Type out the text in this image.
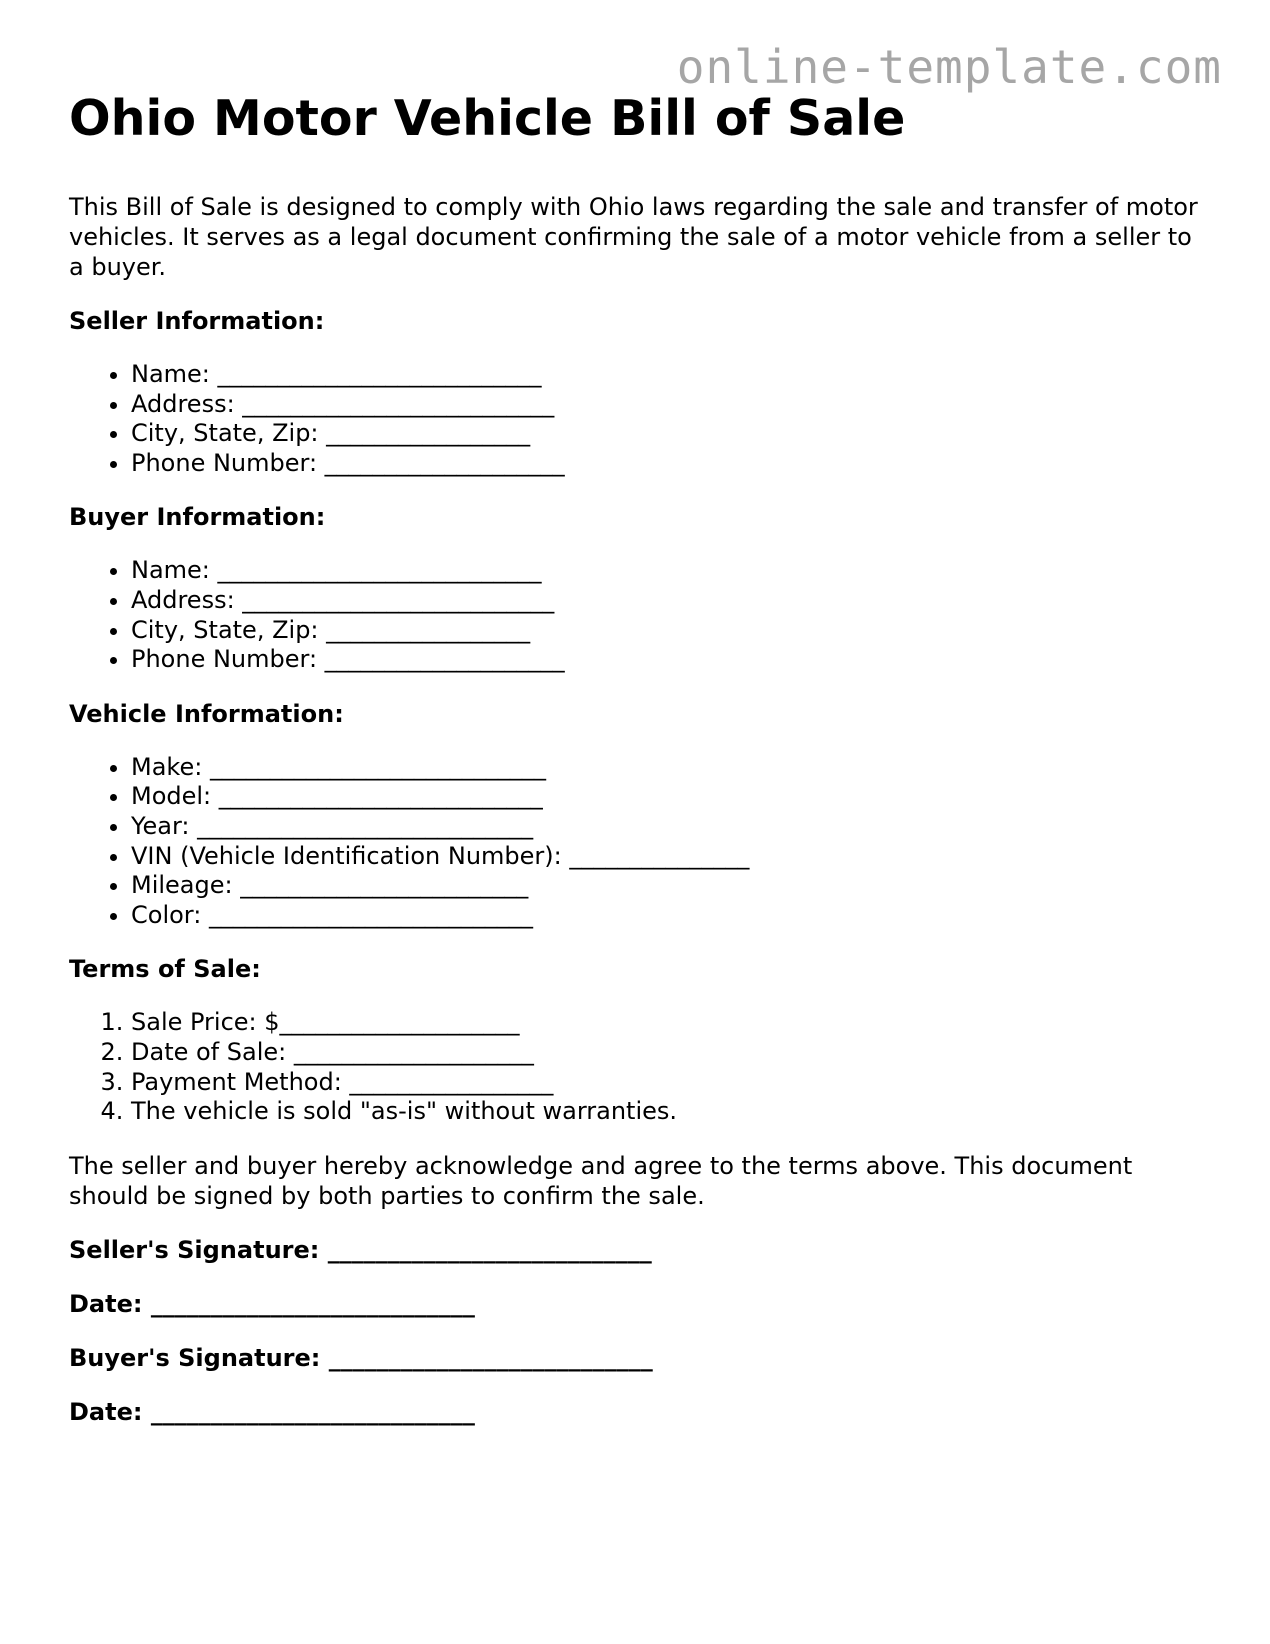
online-template.com
Ohio Motor Vehicle Bill of Sale

This Bill of Sale is designed to comply with Ohio laws regarding the sale and transfer of motor vehicles. It serves as a legal document confirming the sale of a motor vehicle from a seller to a buyer.

Seller Information:

• Name: ___________________________
• Address: __________________________
• City, State, Zip: _________________
• Phone Number: ____________________

Buyer Information:

• Name: ___________________________
• Address: __________________________
• City, State, Zip: _________________
• Phone Number: ____________________

Vehicle Information:

• Make: ____________________________
• Model: ___________________________
• Year: ____________________________
• VIN (Vehicle Identification Number): _______________
• Mileage: ________________________
• Color: ___________________________

Terms of Sale:

1. Sale Price: $____________________
2. Date of Sale: ____________________
3. Payment Method: _________________
4. The vehicle is sold "as-is" without warranties.

The seller and buyer hereby acknowledge and agree to the terms above. This document should be signed by both parties to confirm the sale.

Seller's Signature: ___________________________

Date: ___________________________

Buyer's Signature: ___________________________

Date: ___________________________
